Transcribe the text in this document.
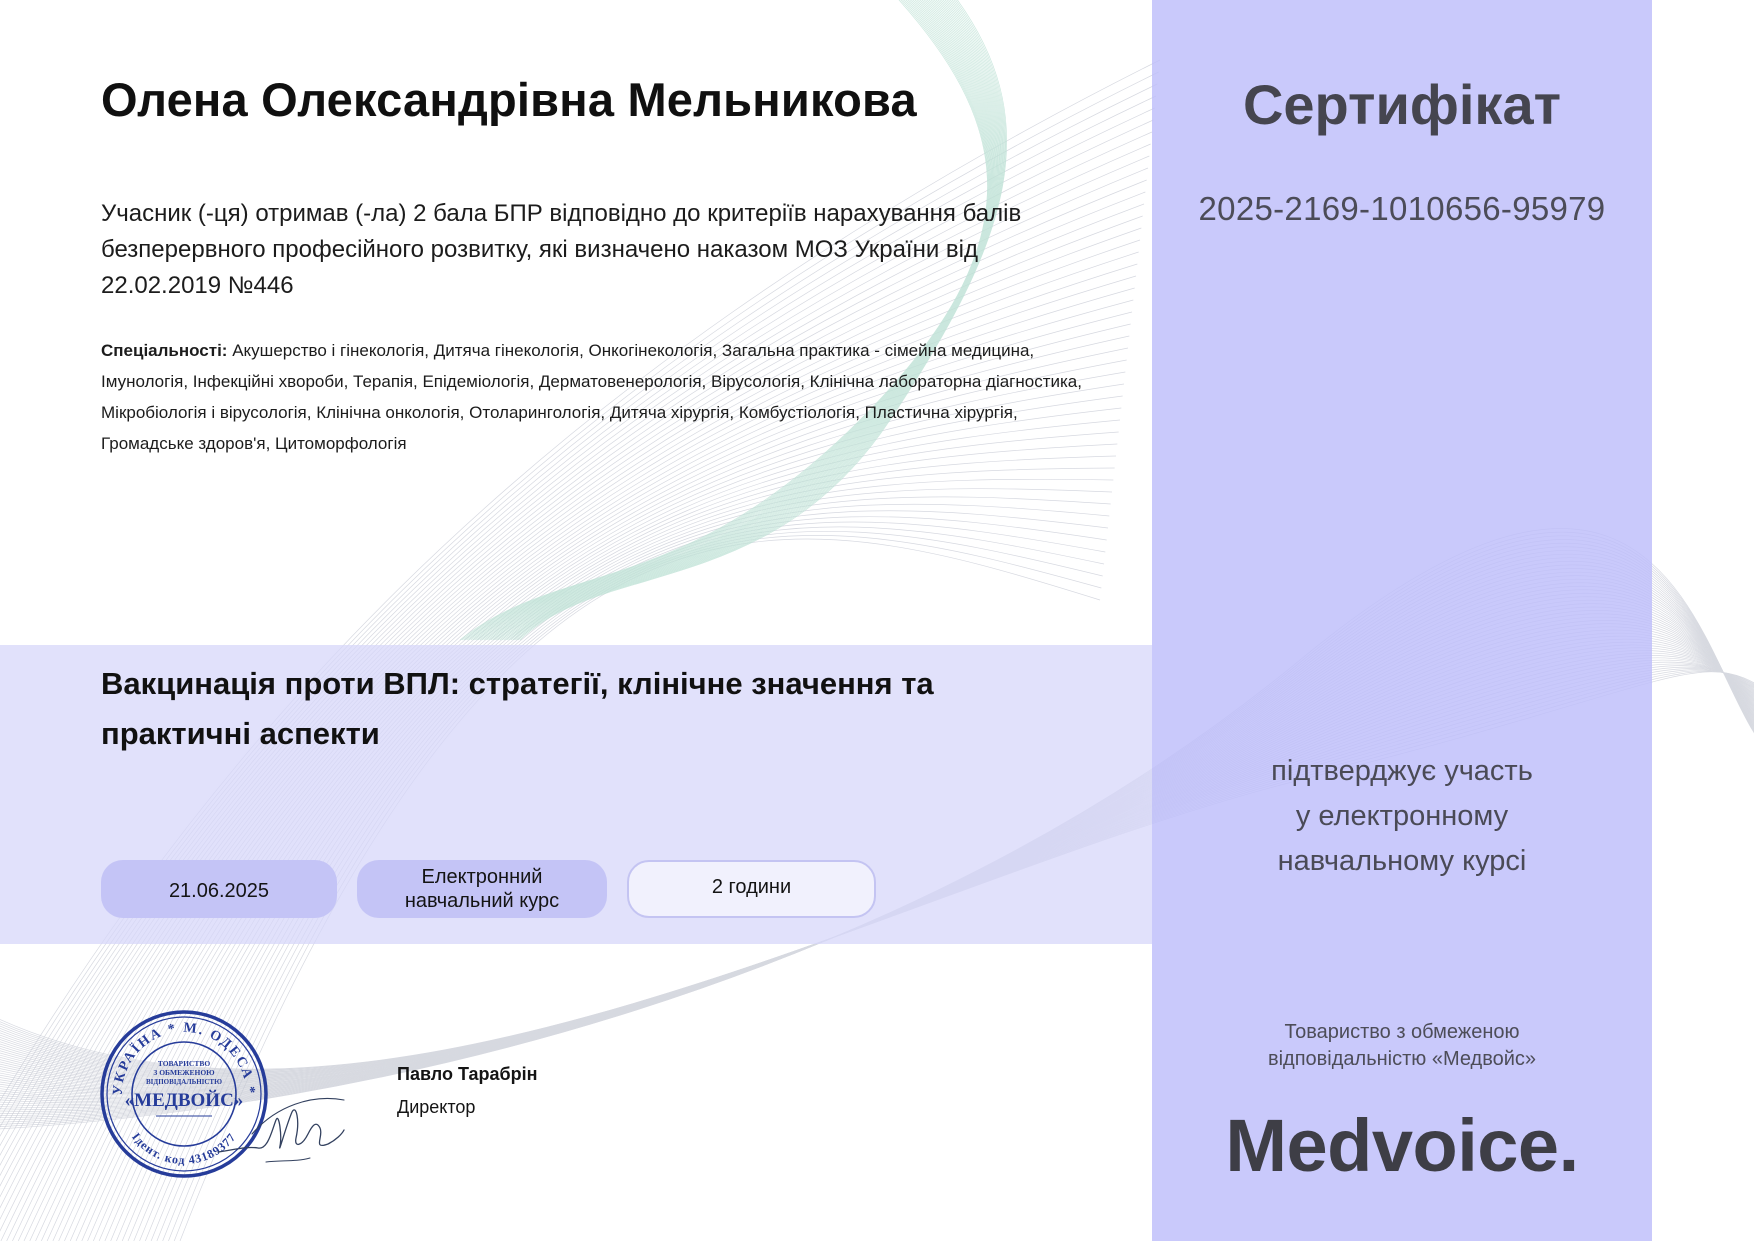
Олена Олександрівна Мельникова

Учасник (-ця) отримав (-ла) 2 бала БПР відповідно до критеріїв нарахування балів безперервного професійного розвитку, які визначено наказом МОЗ України від 22.02.2019 №446

Спеціальності: Акушерство і гінекологія, Дитяча гінекологія, Онкогінекологія, Загальна практика - сімейна медицина, Імунологія, Інфекційні хвороби, Терапія, Епідеміологія, Дерматовенерологія, Вірусологія, Клінічна лабораторна діагностика, Мікробіологія і вірусологія, Клінічна онкологія, Отоларингологія, Дитяча хірургія, Комбустіологія, Пластична хірургія, Громадське здоров'я, Цитоморфологія

Вакцинація проти ВПЛ: стратегії, клінічне значення та практичні аспекти
21.06.2025
Електронний
навчальний курс
2 години
УКРАЇНА * М. ОДЕСА *
Ідент. код 43189377
ТОВАРИСТВО
З ОБМЕЖЕНОЮ
ВІДПОВІДАЛЬНІСТЮ
«МЕДВОЙС»

Павло Тарабрін

Директор

Сертифікат

2025-2169-1010656-95979

підтверджує участь
у електронному
навчальному курсі

Товариство з обмеженою
відповідальністю «Медвойс»

Medvoice.
